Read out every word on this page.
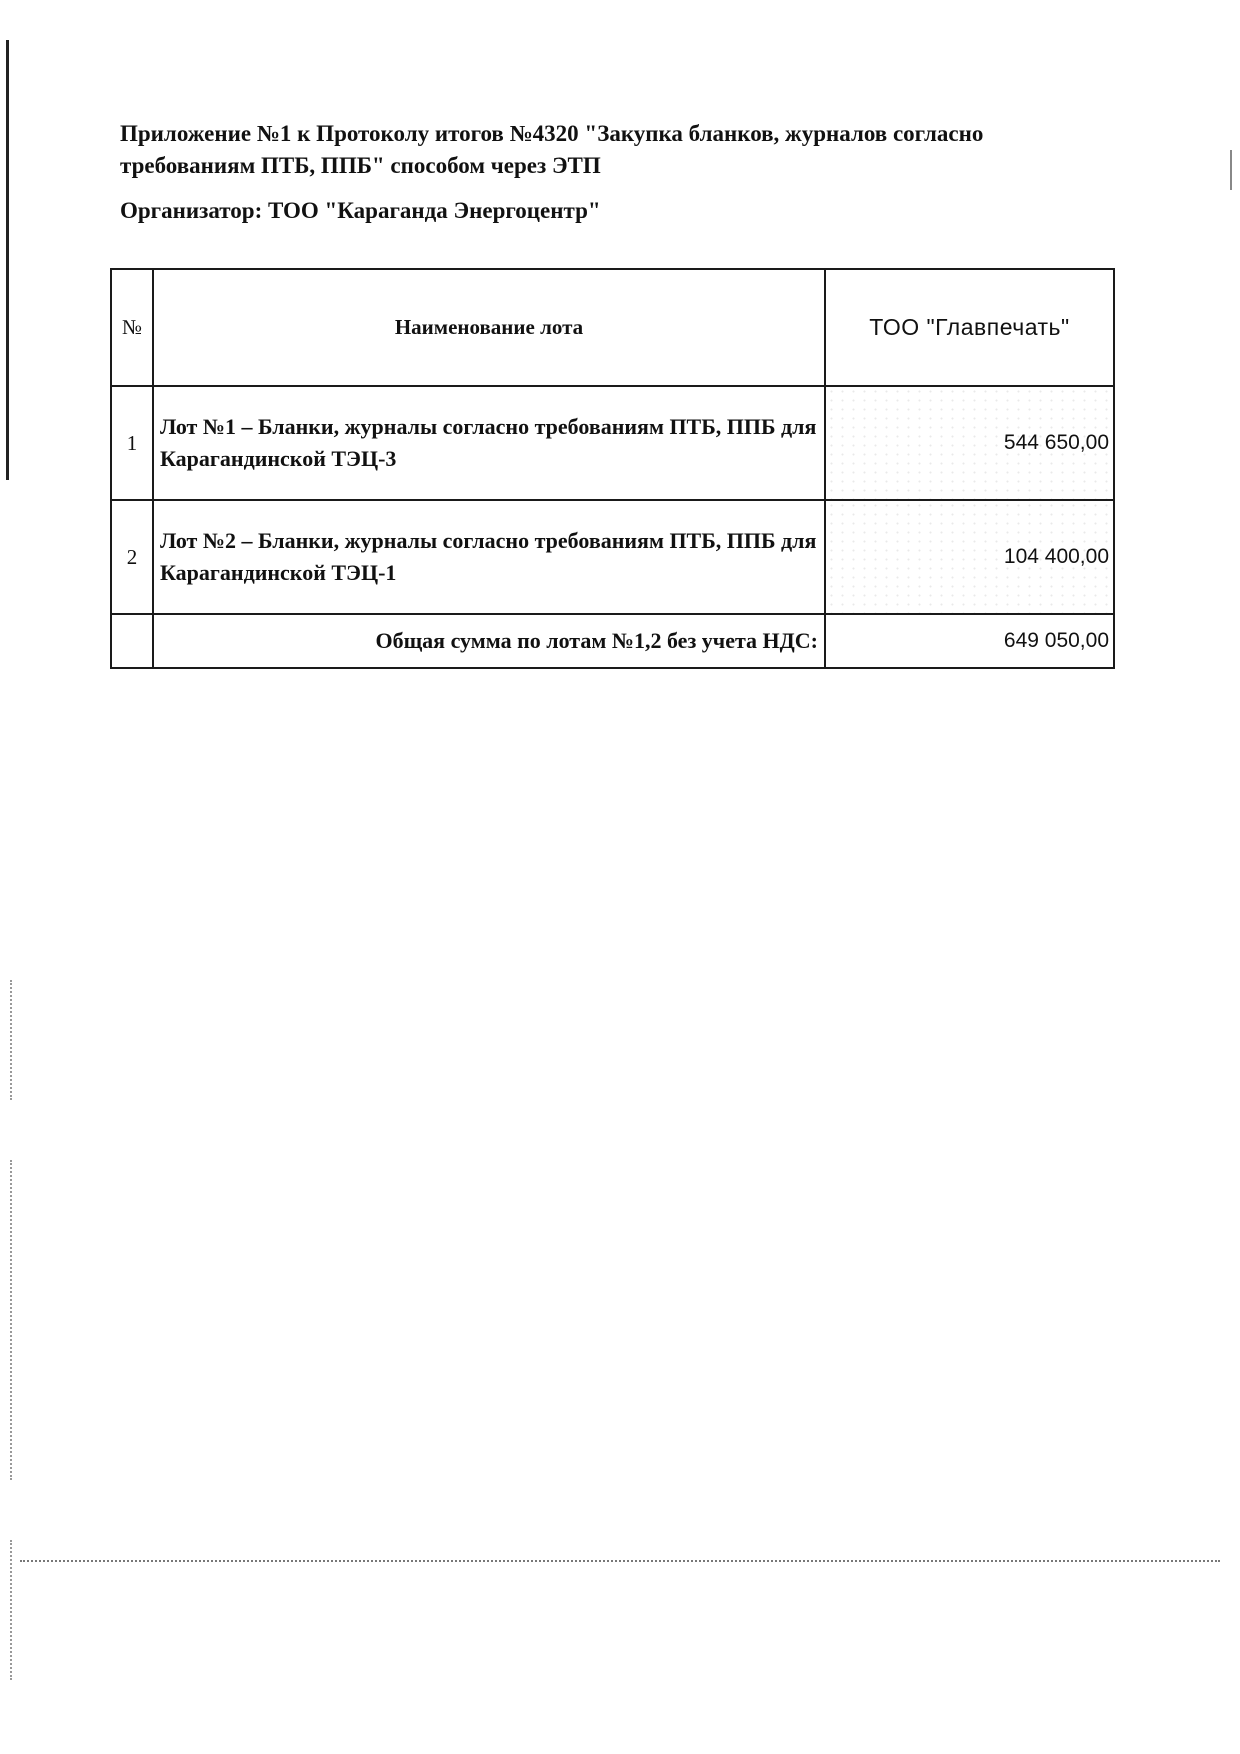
Приложение №1 к Протоколу итогов №4320 "Закупка бланков, журналов согласно требованиям ПТБ, ППБ" способом через ЭТП
Организатор: ТОО "Караганда Энергоцентр"
№	Наименование лота	ТОО "Главпечать"
1	Лот №1 – Бланки, журналы согласно требованиям ПТБ, ППБ для Карагандинской ТЭЦ-3	544 650,00
2	Лот №2 – Бланки, журналы согласно требованиям ПТБ, ППБ для Карагандинской ТЭЦ-1	104 400,00
	Общая сумма по лотам №1,2 без учета НДС:	649 050,00
